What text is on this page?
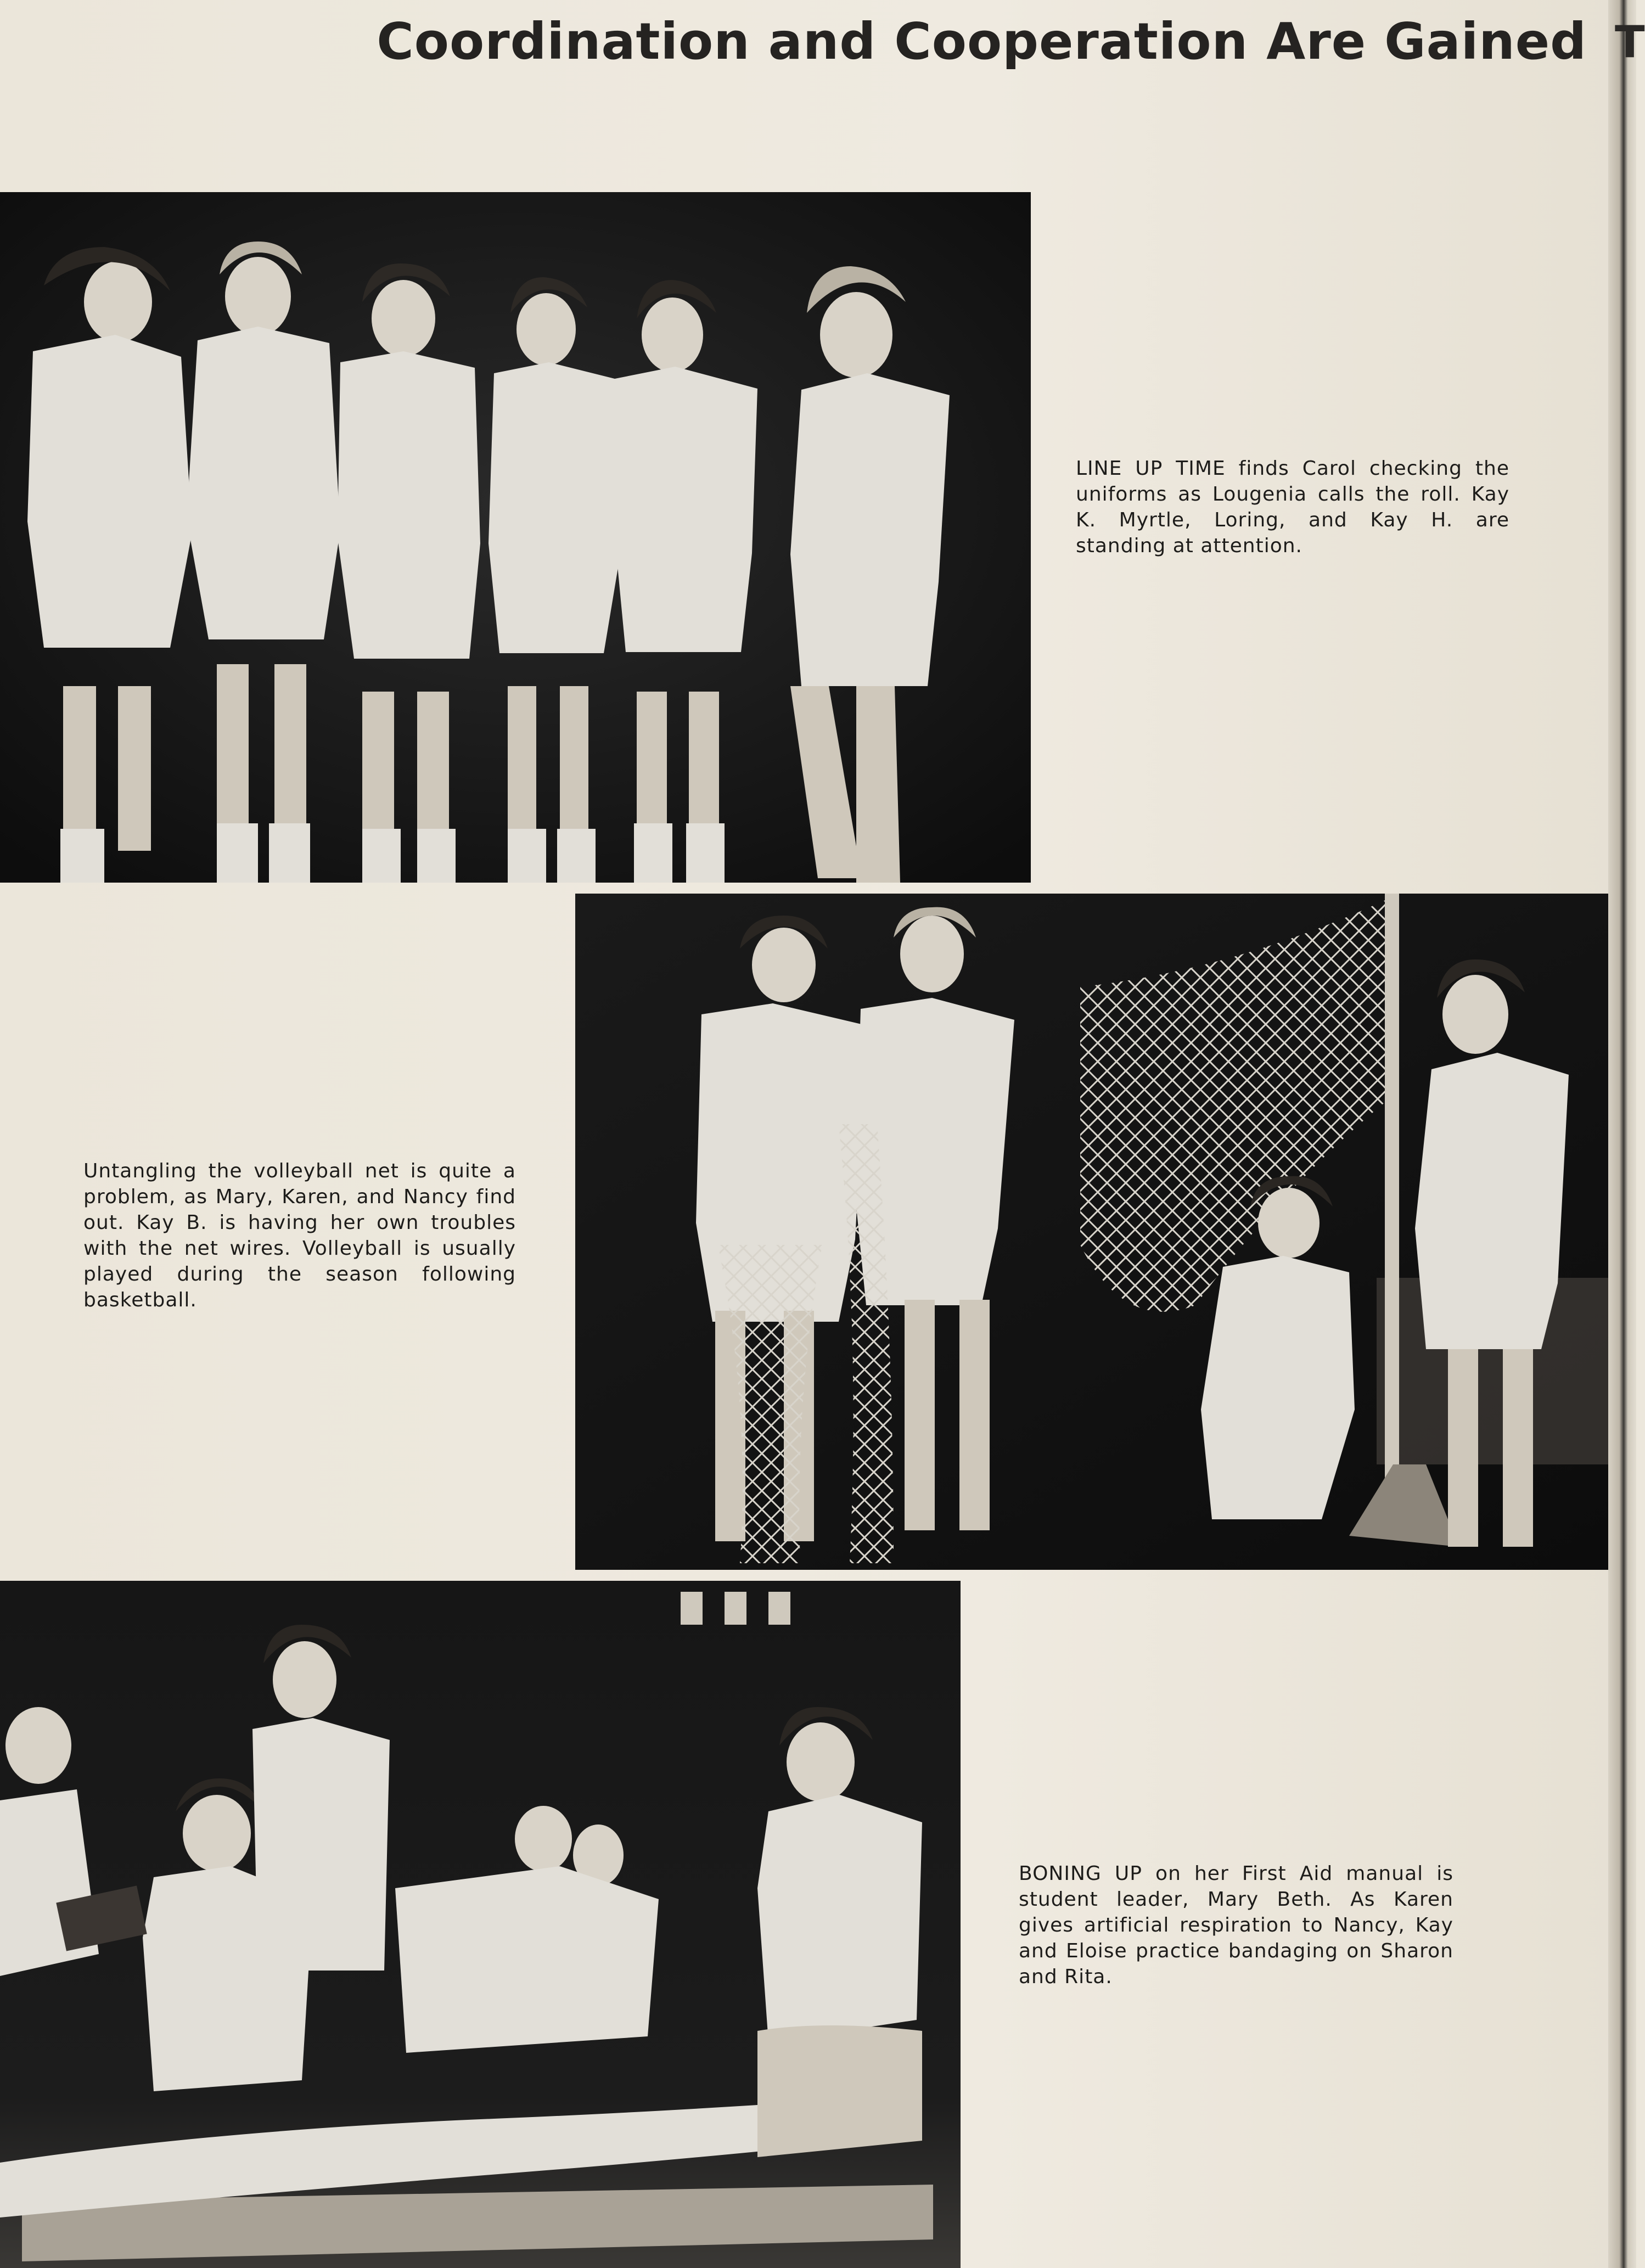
T
Coordination and Cooperation Are Gained

LINE UP TIME finds Carol checking the uniforms as Lougenia calls the roll. Kay K. Myrtle, Loring, and Kay H. are standing at attention.

Untangling the volleyball net is quite a problem, as Mary, Karen, and Nancy find out. Kay B. is having her own troubles with the net wires. Volleyball is usually played during the season following basketball.

BONING UP on her First Aid manual is student leader, Mary Beth. As Karen gives artificial respiration to Nancy, Kay and Eloise practice bandaging on Sharon and Rita.
